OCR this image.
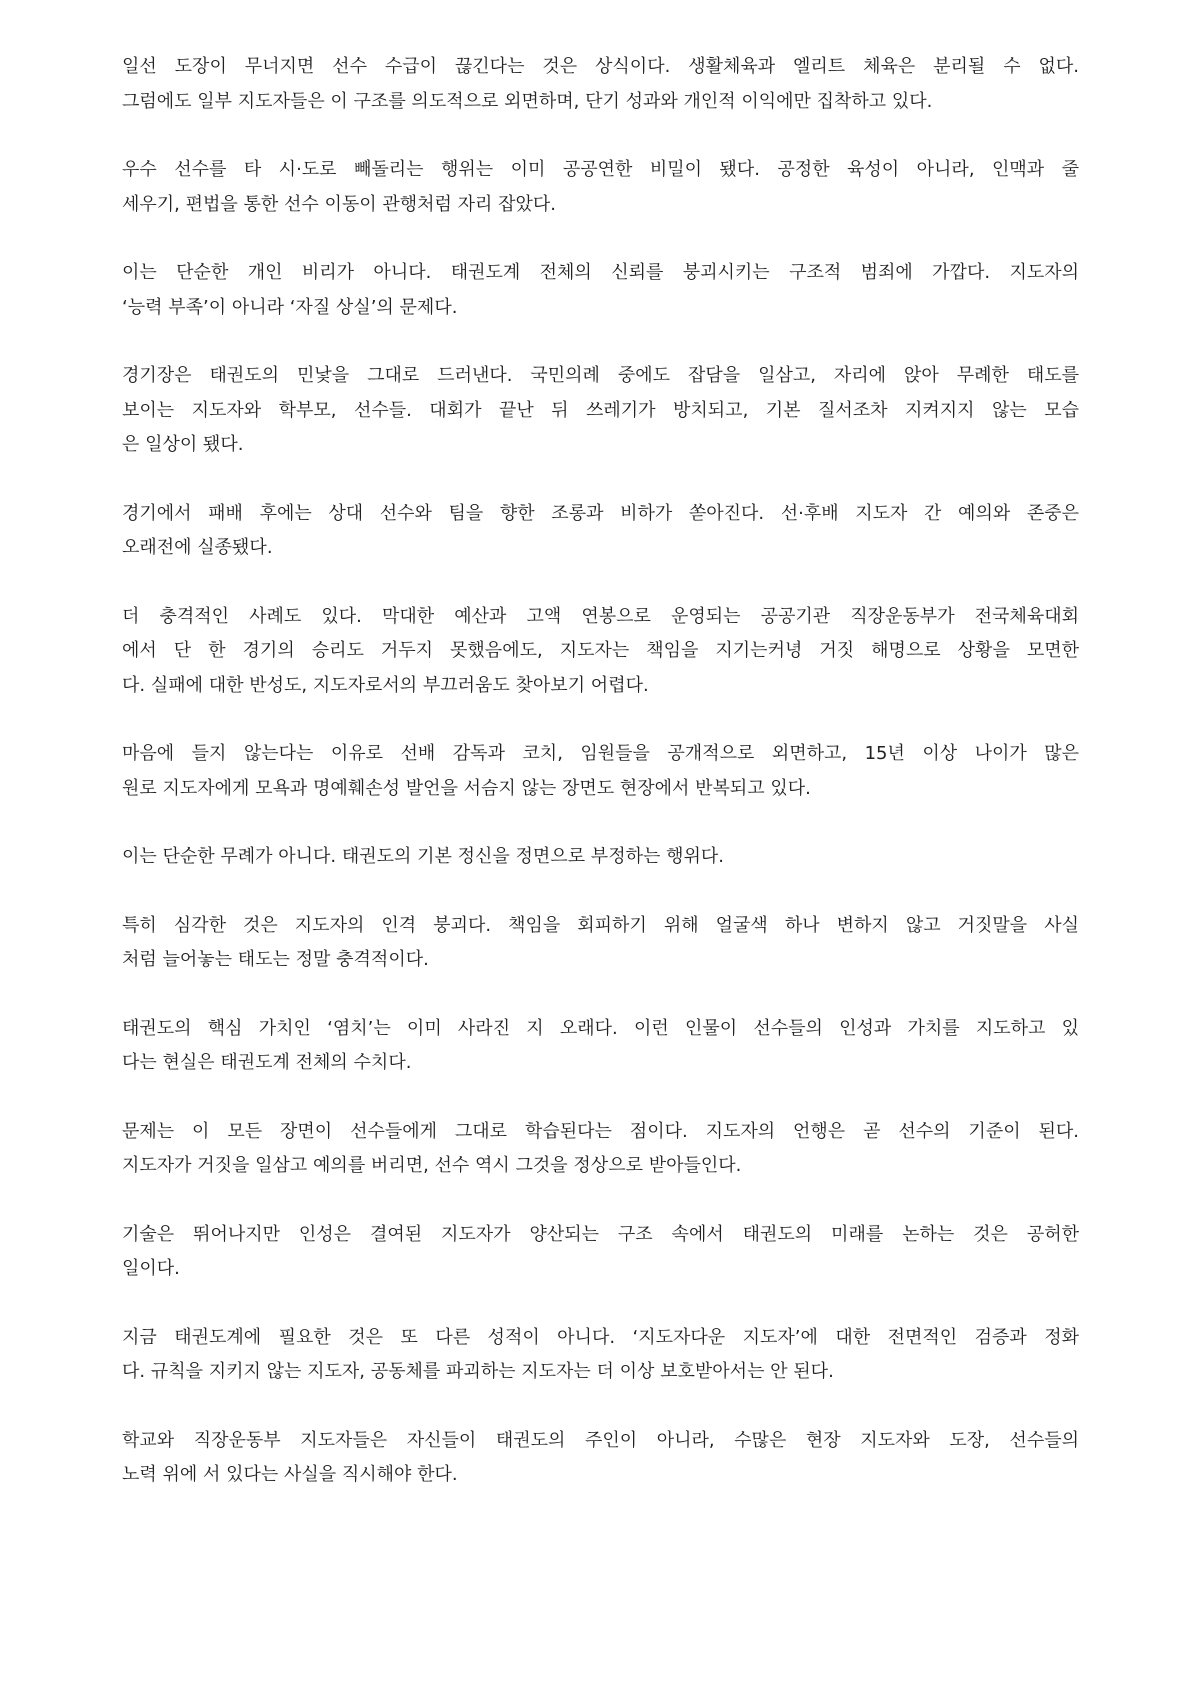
일선 도장이 무너지면 선수 수급이 끊긴다는 것은 상식이다. 생활체육과 엘리트 체육은 분리될 수 없다.
그럼에도 일부 지도자들은 이 구조를 의도적으로 외면하며, 단기 성과와 개인적 이익에만 집착하고 있다.

우수 선수를 타 시·도로 빼돌리는 행위는 이미 공공연한 비밀이 됐다. 공정한 육성이 아니라, 인맥과 줄
세우기, 편법을 통한 선수 이동이 관행처럼 자리 잡았다.

이는 단순한 개인 비리가 아니다. 태권도계 전체의 신뢰를 붕괴시키는 구조적 범죄에 가깝다. 지도자의
‘능력 부족’이 아니라 ‘자질 상실’의 문제다.

경기장은 태권도의 민낯을 그대로 드러낸다. 국민의례 중에도 잡담을 일삼고, 자리에 앉아 무례한 태도를
보이는 지도자와 학부모, 선수들. 대회가 끝난 뒤 쓰레기가 방치되고, 기본 질서조차 지켜지지 않는 모습
은 일상이 됐다.

경기에서 패배 후에는 상대 선수와 팀을 향한 조롱과 비하가 쏟아진다. 선·후배 지도자 간 예의와 존중은
오래전에 실종됐다.

더 충격적인 사례도 있다. 막대한 예산과 고액 연봉으로 운영되는 공공기관 직장운동부가 전국체육대회
에서 단 한 경기의 승리도 거두지 못했음에도, 지도자는 책임을 지기는커녕 거짓 해명으로 상황을 모면한
다. 실패에 대한 반성도, 지도자로서의 부끄러움도 찾아보기 어렵다.

마음에 들지 않는다는 이유로 선배 감독과 코치, 임원들을 공개적으로 외면하고, 15년 이상 나이가 많은
원로 지도자에게 모욕과 명예훼손성 발언을 서슴지 않는 장면도 현장에서 반복되고 있다.

이는 단순한 무례가 아니다. 태권도의 기본 정신을 정면으로 부정하는 행위다.

특히 심각한 것은 지도자의 인격 붕괴다. 책임을 회피하기 위해 얼굴색 하나 변하지 않고 거짓말을 사실
처럼 늘어놓는 태도는 정말 충격적이다.

태권도의 핵심 가치인 ‘염치’는 이미 사라진 지 오래다. 이런 인물이 선수들의 인성과 가치를 지도하고 있
다는 현실은 태권도계 전체의 수치다.

문제는 이 모든 장면이 선수들에게 그대로 학습된다는 점이다. 지도자의 언행은 곧 선수의 기준이 된다.
지도자가 거짓을 일삼고 예의를 버리면, 선수 역시 그것을 정상으로 받아들인다.

기술은 뛰어나지만 인성은 결여된 지도자가 양산되는 구조 속에서 태권도의 미래를 논하는 것은 공허한
일이다.

지금 태권도계에 필요한 것은 또 다른 성적이 아니다. ‘지도자다운 지도자’에 대한 전면적인 검증과 정화
다. 규칙을 지키지 않는 지도자, 공동체를 파괴하는 지도자는 더 이상 보호받아서는 안 된다.

학교와 직장운동부 지도자들은 자신들이 태권도의 주인이 아니라, 수많은 현장 지도자와 도장, 선수들의
노력 위에 서 있다는 사실을 직시해야 한다.
